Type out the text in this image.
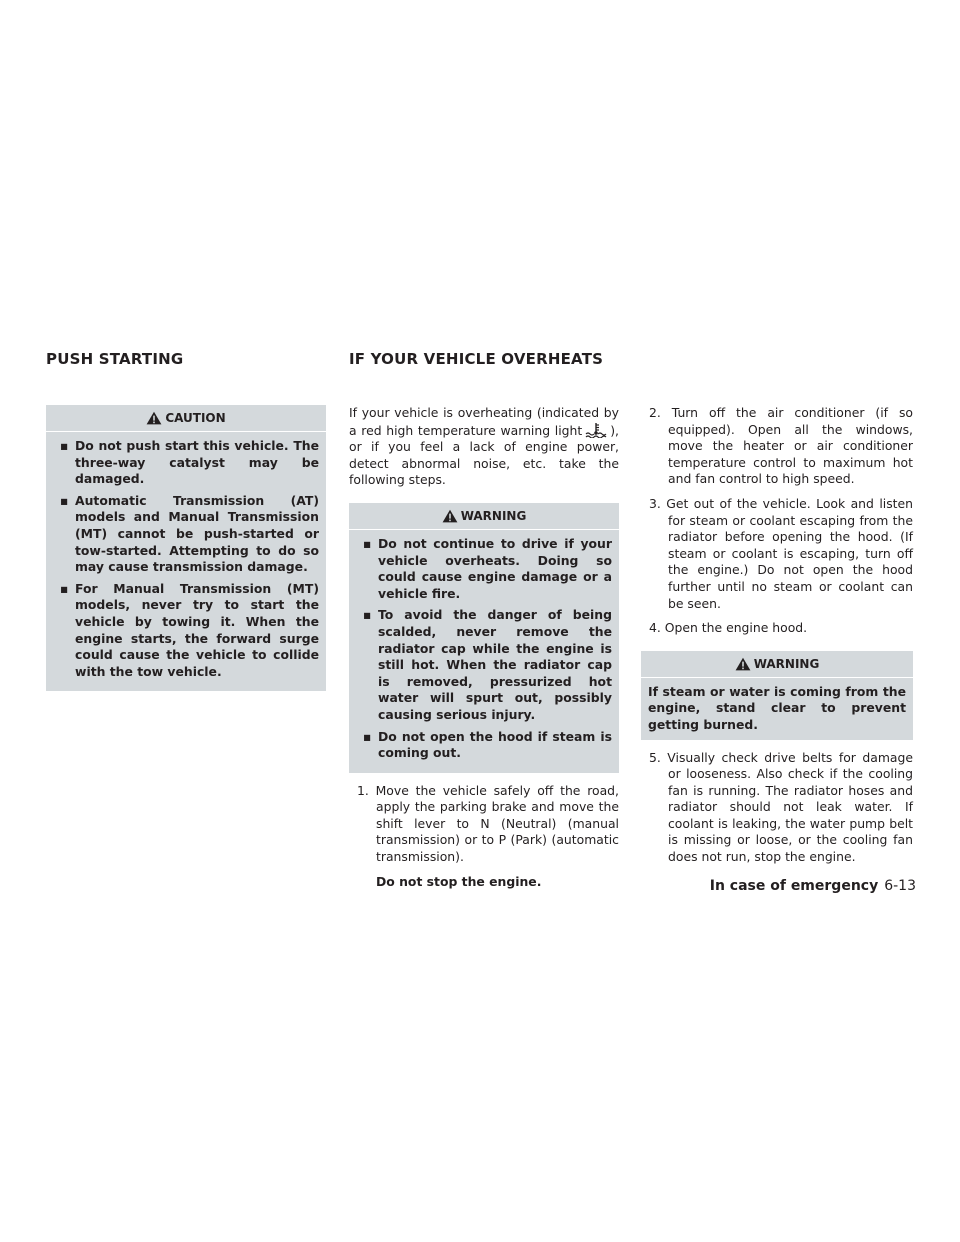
PUSH STARTING	IF YOUR VEHICLE OVERHEATS
CAUTION
▪ Do not push start this vehicle. The three-way catalyst may be damaged.
▪ Automatic Transmission (AT) models and Manual Transmission (MT) cannot be push-started or tow-started. Attempting to do so may cause transmission damage.
▪ For Manual Transmission (MT) models, never try to start the vehicle by towing it. When the engine starts, the forward surge could cause the vehicle to collide with the tow vehicle.

If your vehicle is overheating (indicated by a red high temperature warning light ), or if you feel a lack of engine power, detect abnormal noise, etc. take the following steps.

WARNING
▪ Do not continue to drive if your vehicle overheats. Doing so could cause engine damage or a vehicle fire.
▪ To avoid the danger of being scalded, never remove the radiator cap while the engine is still hot. When the radiator cap is removed, pressurized hot water will spurt out, possibly causing serious injury.
▪ Do not open the hood if steam is coming out.

1. Move the vehicle safely off the road, apply the parking brake and move the shift lever to N (Neutral) (manual transmission) or to P (Park) (automatic transmission).

Do not stop the engine.

2. Turn off the air conditioner (if so equipped). Open all the windows, move the heater or air conditioner temperature control to maximum hot and fan control to high speed.

3. Get out of the vehicle. Look and listen for steam or coolant escaping from the radiator before opening the hood. (If steam or coolant is escaping, turn off the engine.) Do not open the hood further until no steam or coolant can be seen.

4. Open the engine hood.

WARNING

If steam or water is coming from the engine, stand clear to prevent getting burned.

5. Visually check drive belts for damage or looseness. Also check if the cooling fan is running. The radiator hoses and radiator should not leak water. If coolant is leaking, the water pump belt is missing or loose, or the cooling fan does not run, stop the engine.

In case of emergency 6-13
